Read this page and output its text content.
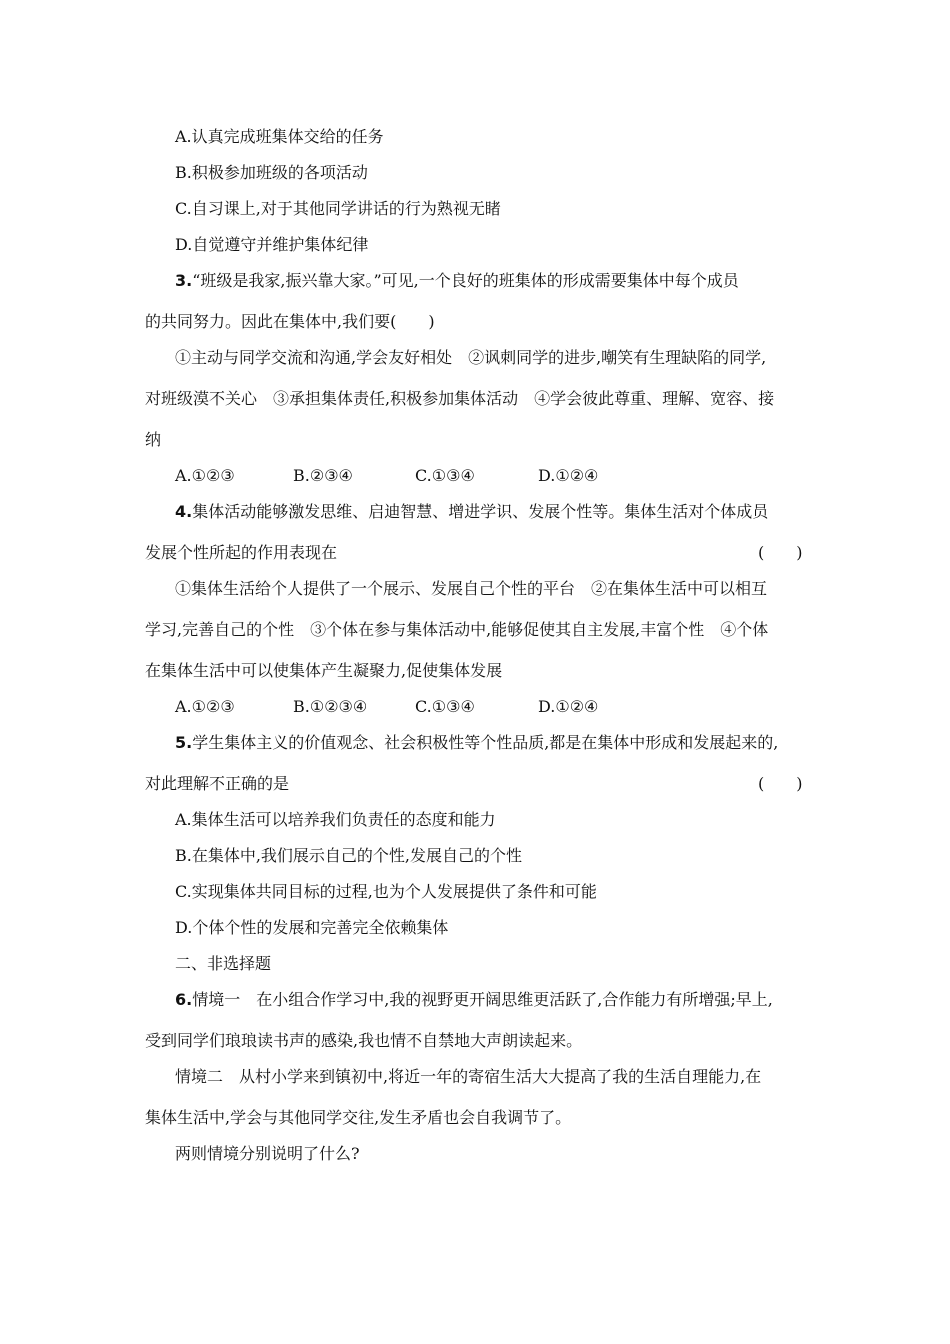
A.认真完成班集体交给的任务
B.积极参加班级的各项活动
C.自习课上,对于其他同学讲话的行为熟视无睹
D.自觉遵守并维护集体纪律
3.“班级是我家,振兴靠大家。”可见,一个良好的班集体的形成需要集体中每个成员
的共同努力。因此在集体中,我们要(　　)
①主动与同学交流和沟通,学会友好相处　②讽刺同学的进步,嘲笑有生理缺陷的同学,
对班级漠不关心　③承担集体责任,积极参加集体活动　④学会彼此尊重、理解、宽容、接
纳
A.①②③	B.②③④	C.①③④	D.①②④
4.集体活动能够激发思维、启迪智慧、增进学识、发展个性等。集体生活对个体成员
发展个性所起的作用表现在	(　　)
①集体生活给个人提供了一个展示、发展自己个性的平台　②在集体生活中可以相互
学习,完善自己的个性　③个体在参与集体活动中,能够促使其自主发展,丰富个性　④个体
在集体生活中可以使集体产生凝聚力,促使集体发展
A.①②③	B.①②③④	C.①③④	D.①②④
5.学生集体主义的价值观念、社会积极性等个性品质,都是在集体中形成和发展起来的,
对此理解不正确的是	(　　)
A.集体生活可以培养我们负责任的态度和能力
B.在集体中,我们展示自己的个性,发展自己的个性
C.实现集体共同目标的过程,也为个人发展提供了条件和可能
D.个体个性的发展和完善完全依赖集体
二、非选择题
6.情境一　在小组合作学习中,我的视野更开阔思维更活跃了,合作能力有所增强;早上,
受到同学们琅琅读书声的感染,我也情不自禁地大声朗读起来。
情境二　从村小学来到镇初中,将近一年的寄宿生活大大提高了我的生活自理能力,在
集体生活中,学会与其他同学交往,发生矛盾也会自我调节了。
两则情境分别说明了什么?
